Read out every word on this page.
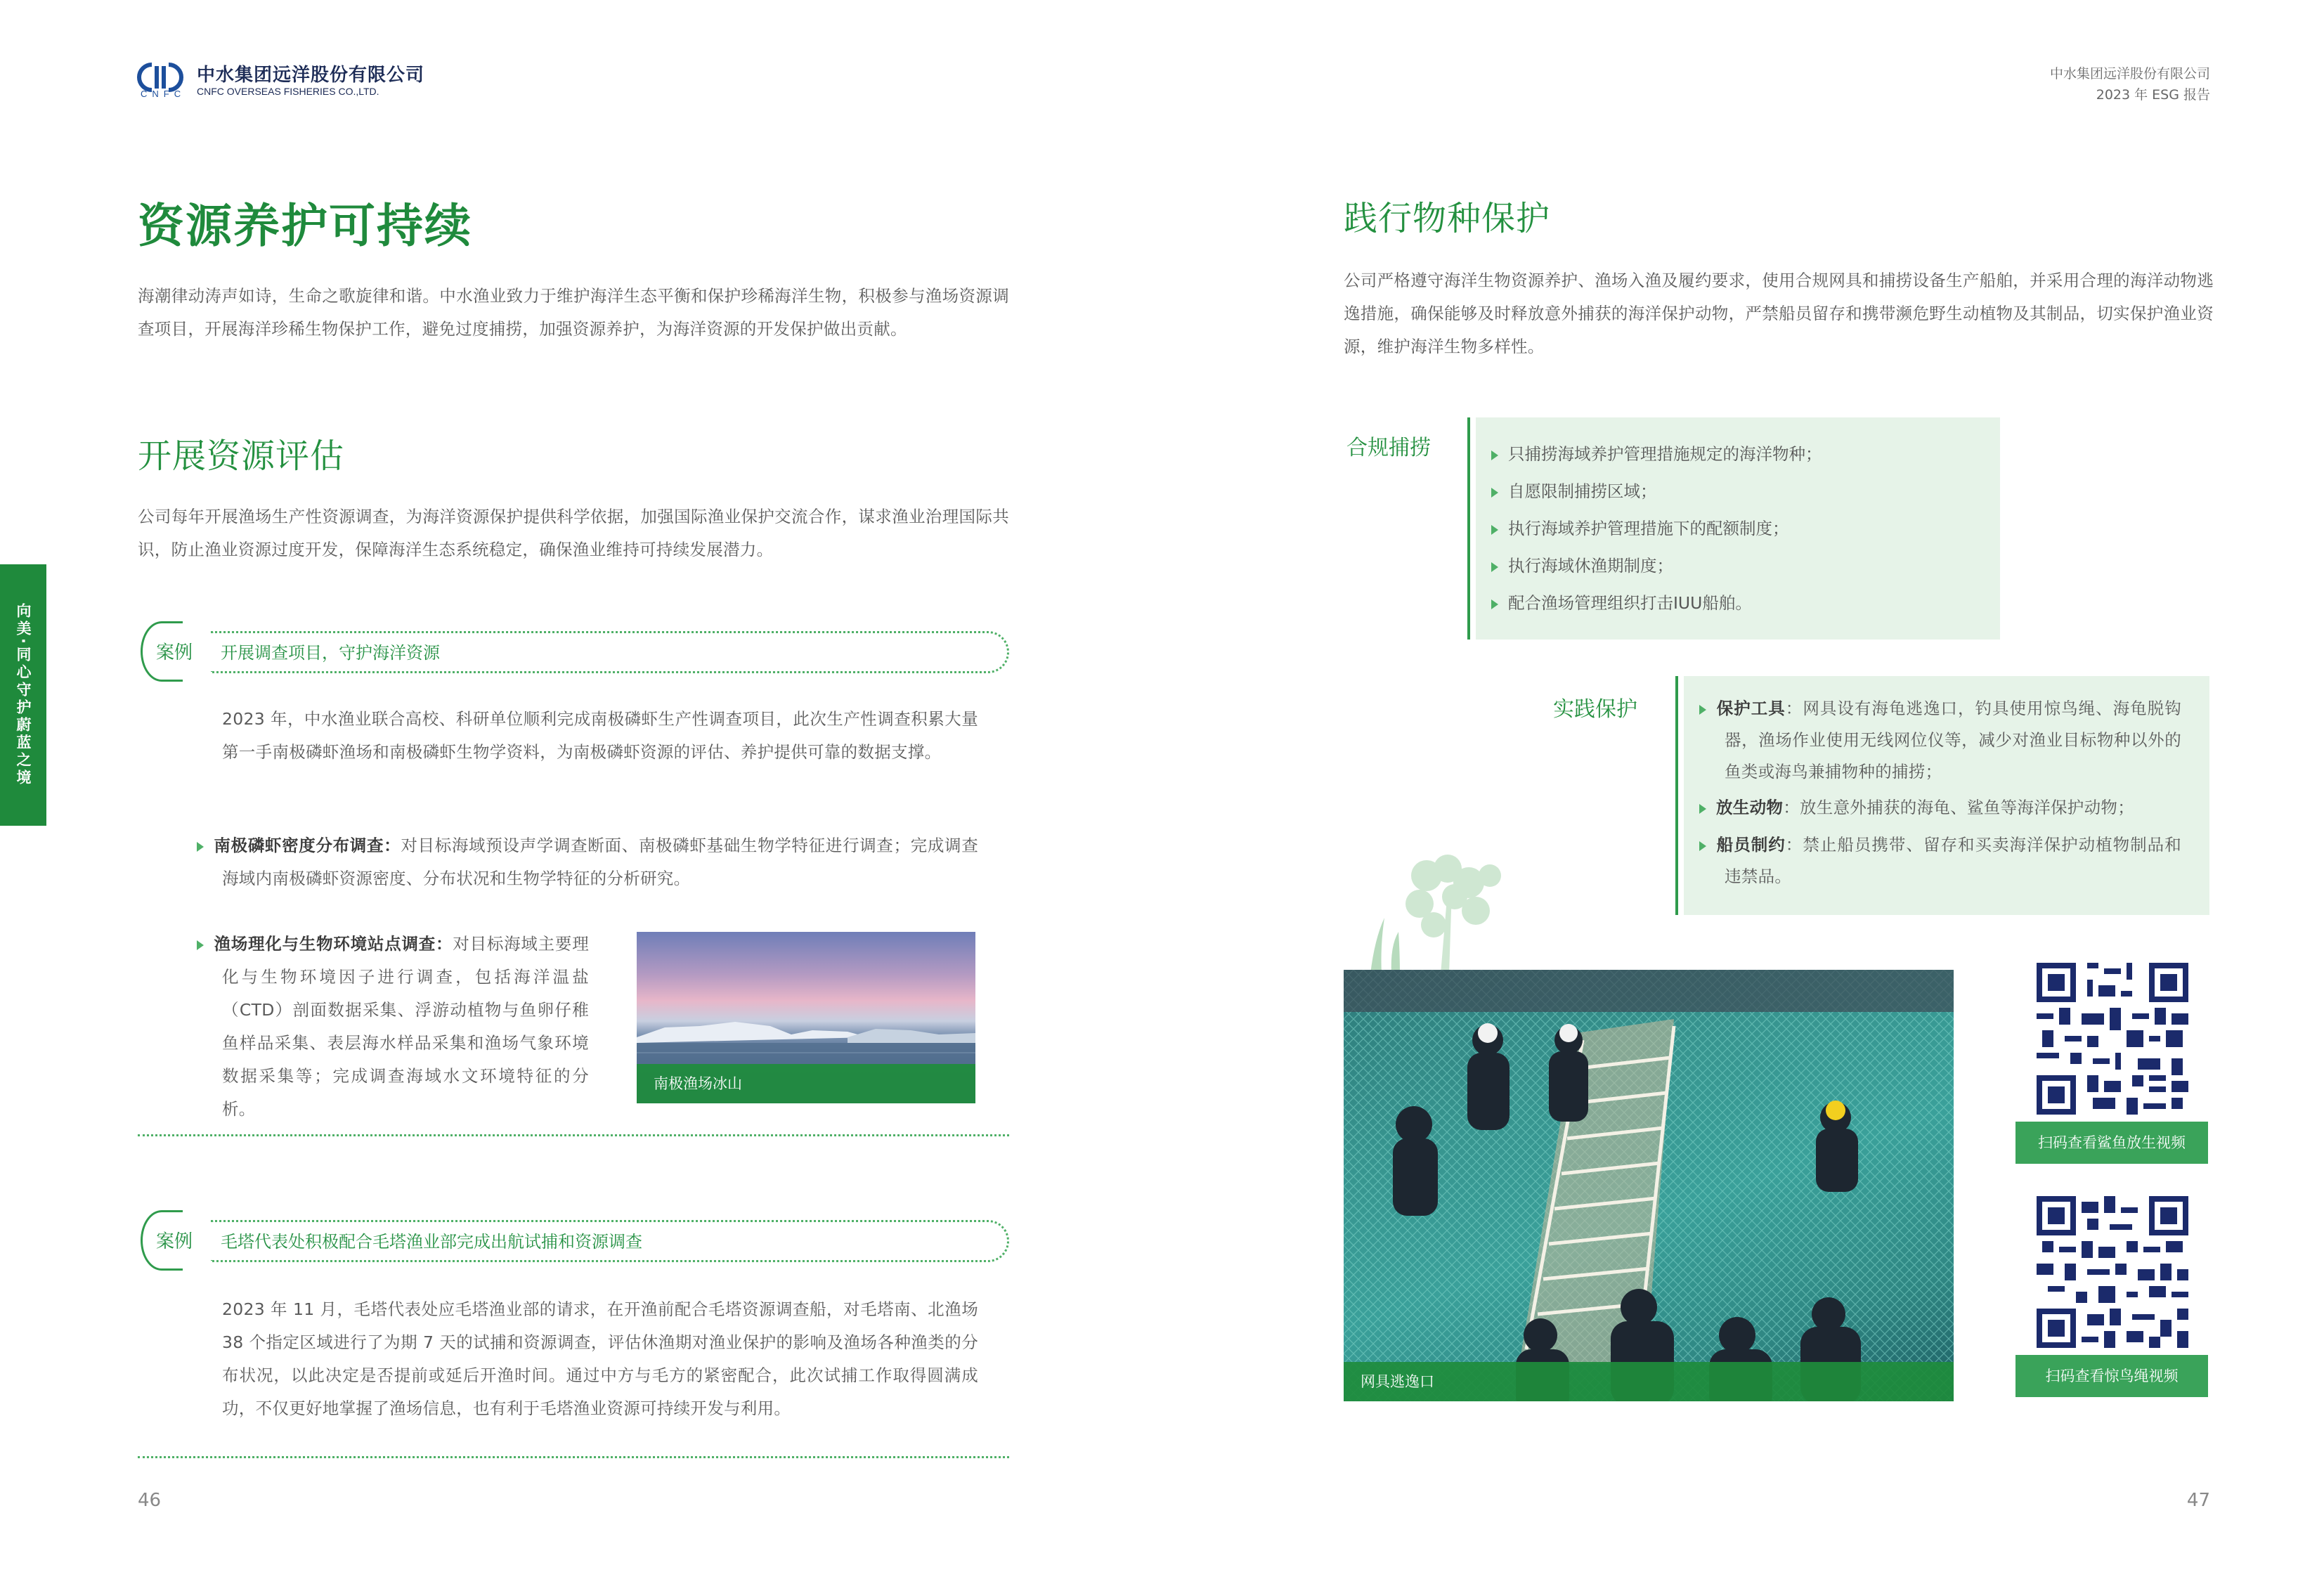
CNFC
中水集团远洋股份有限公司
CNFC OVERSEAS FISHERIES CO.,LTD.
中水集团远洋股份有限公司
2023 年 ESG 报告
向美·同心守护蔚蓝之境
资源养护可持续
海潮律动涛声如诗，生命之歌旋律和谐。中水渔业致力于维护海洋生态平衡和保护珍稀海洋生物，积极参与渔场资源调查项目，开展海洋珍稀生物保护工作，避免过度捕捞，加强资源养护，为海洋资源的开发保护做出贡献。
开展资源评估
公司每年开展渔场生产性资源调查，为海洋资源保护提供科学依据，加强国际渔业保护交流合作，谋求渔业治理国际共识，防止渔业资源过度开发，保障海洋生态系统稳定，确保渔业维持可持续发展潜力。
案例	开展调查项目，守护海洋资源
2023 年，中水渔业联合高校、科研单位顺利完成南极磷虾生产性调查项目，此次生产性调查积累大量第一手南极磷虾渔场和南极磷虾生物学资料，为南极磷虾资源的评估、养护提供可靠的数据支撑。
南极磷虾密度分布调查：对目标海域预设声学调查断面、南极磷虾基础生物学特征进行调查；完成调查海域内南极磷虾资源密度、分布状况和生物学特征的分析研究。
渔场理化与生物环境站点调查：对目标海域主要理化与生物环境因子进行调查，包括海洋温盐（CTD）剖面数据采集、浮游动植物与鱼卵仔稚鱼样品采集、表层海水样品采集和渔场气象环境数据采集等；完成调查海域水文环境特征的分析。
南极渔场冰山
案例	毛塔代表处积极配合毛塔渔业部完成出航试捕和资源调查
2023 年 11 月，毛塔代表处应毛塔渔业部的请求，在开渔前配合毛塔资源调查船，对毛塔南、北渔场 38 个指定区域进行了为期 7 天的试捕和资源调查，评估休渔期对渔业保护的影响及渔场各种渔类的分布状况，以此决定是否提前或延后开渔时间。通过中方与毛方的紧密配合，此次试捕工作取得圆满成功，不仅更好地掌握了渔场信息，也有利于毛塔渔业资源可持续开发与利用。
46
践行物种保护
公司严格遵守海洋生物资源养护、渔场入渔及履约要求，使用合规网具和捕捞设备生产船舶，并采用合理的海洋动物逃逸措施，确保能够及时释放意外捕获的海洋保护动物，严禁船员留存和携带濒危野生动植物及其制品，切实保护渔业资源，维护海洋生物多样性。
合规捕捞	只捕捞海域养护管理措施规定的海洋物种；
自愿限制捕捞区域；
执行海域养护管理措施下的配额制度；
执行海域休渔期制度；
配合渔场管理组织打击IUU船舶。
实践保护	保护工具：网具设有海龟逃逸口，钓具使用惊鸟绳、海龟脱钩器，渔场作业使用无线网位仪等，减少对渔业目标物种以外的鱼类或海鸟兼捕物种的捕捞；
放生动物：放生意外捕获的海龟、鲨鱼等海洋保护动物；
船员制约：禁止船员携带、留存和买卖海洋保护动植物制品和违禁品。
网具逃逸口
扫码查看鲨鱼放生视频
扫码查看惊鸟绳视频
47
